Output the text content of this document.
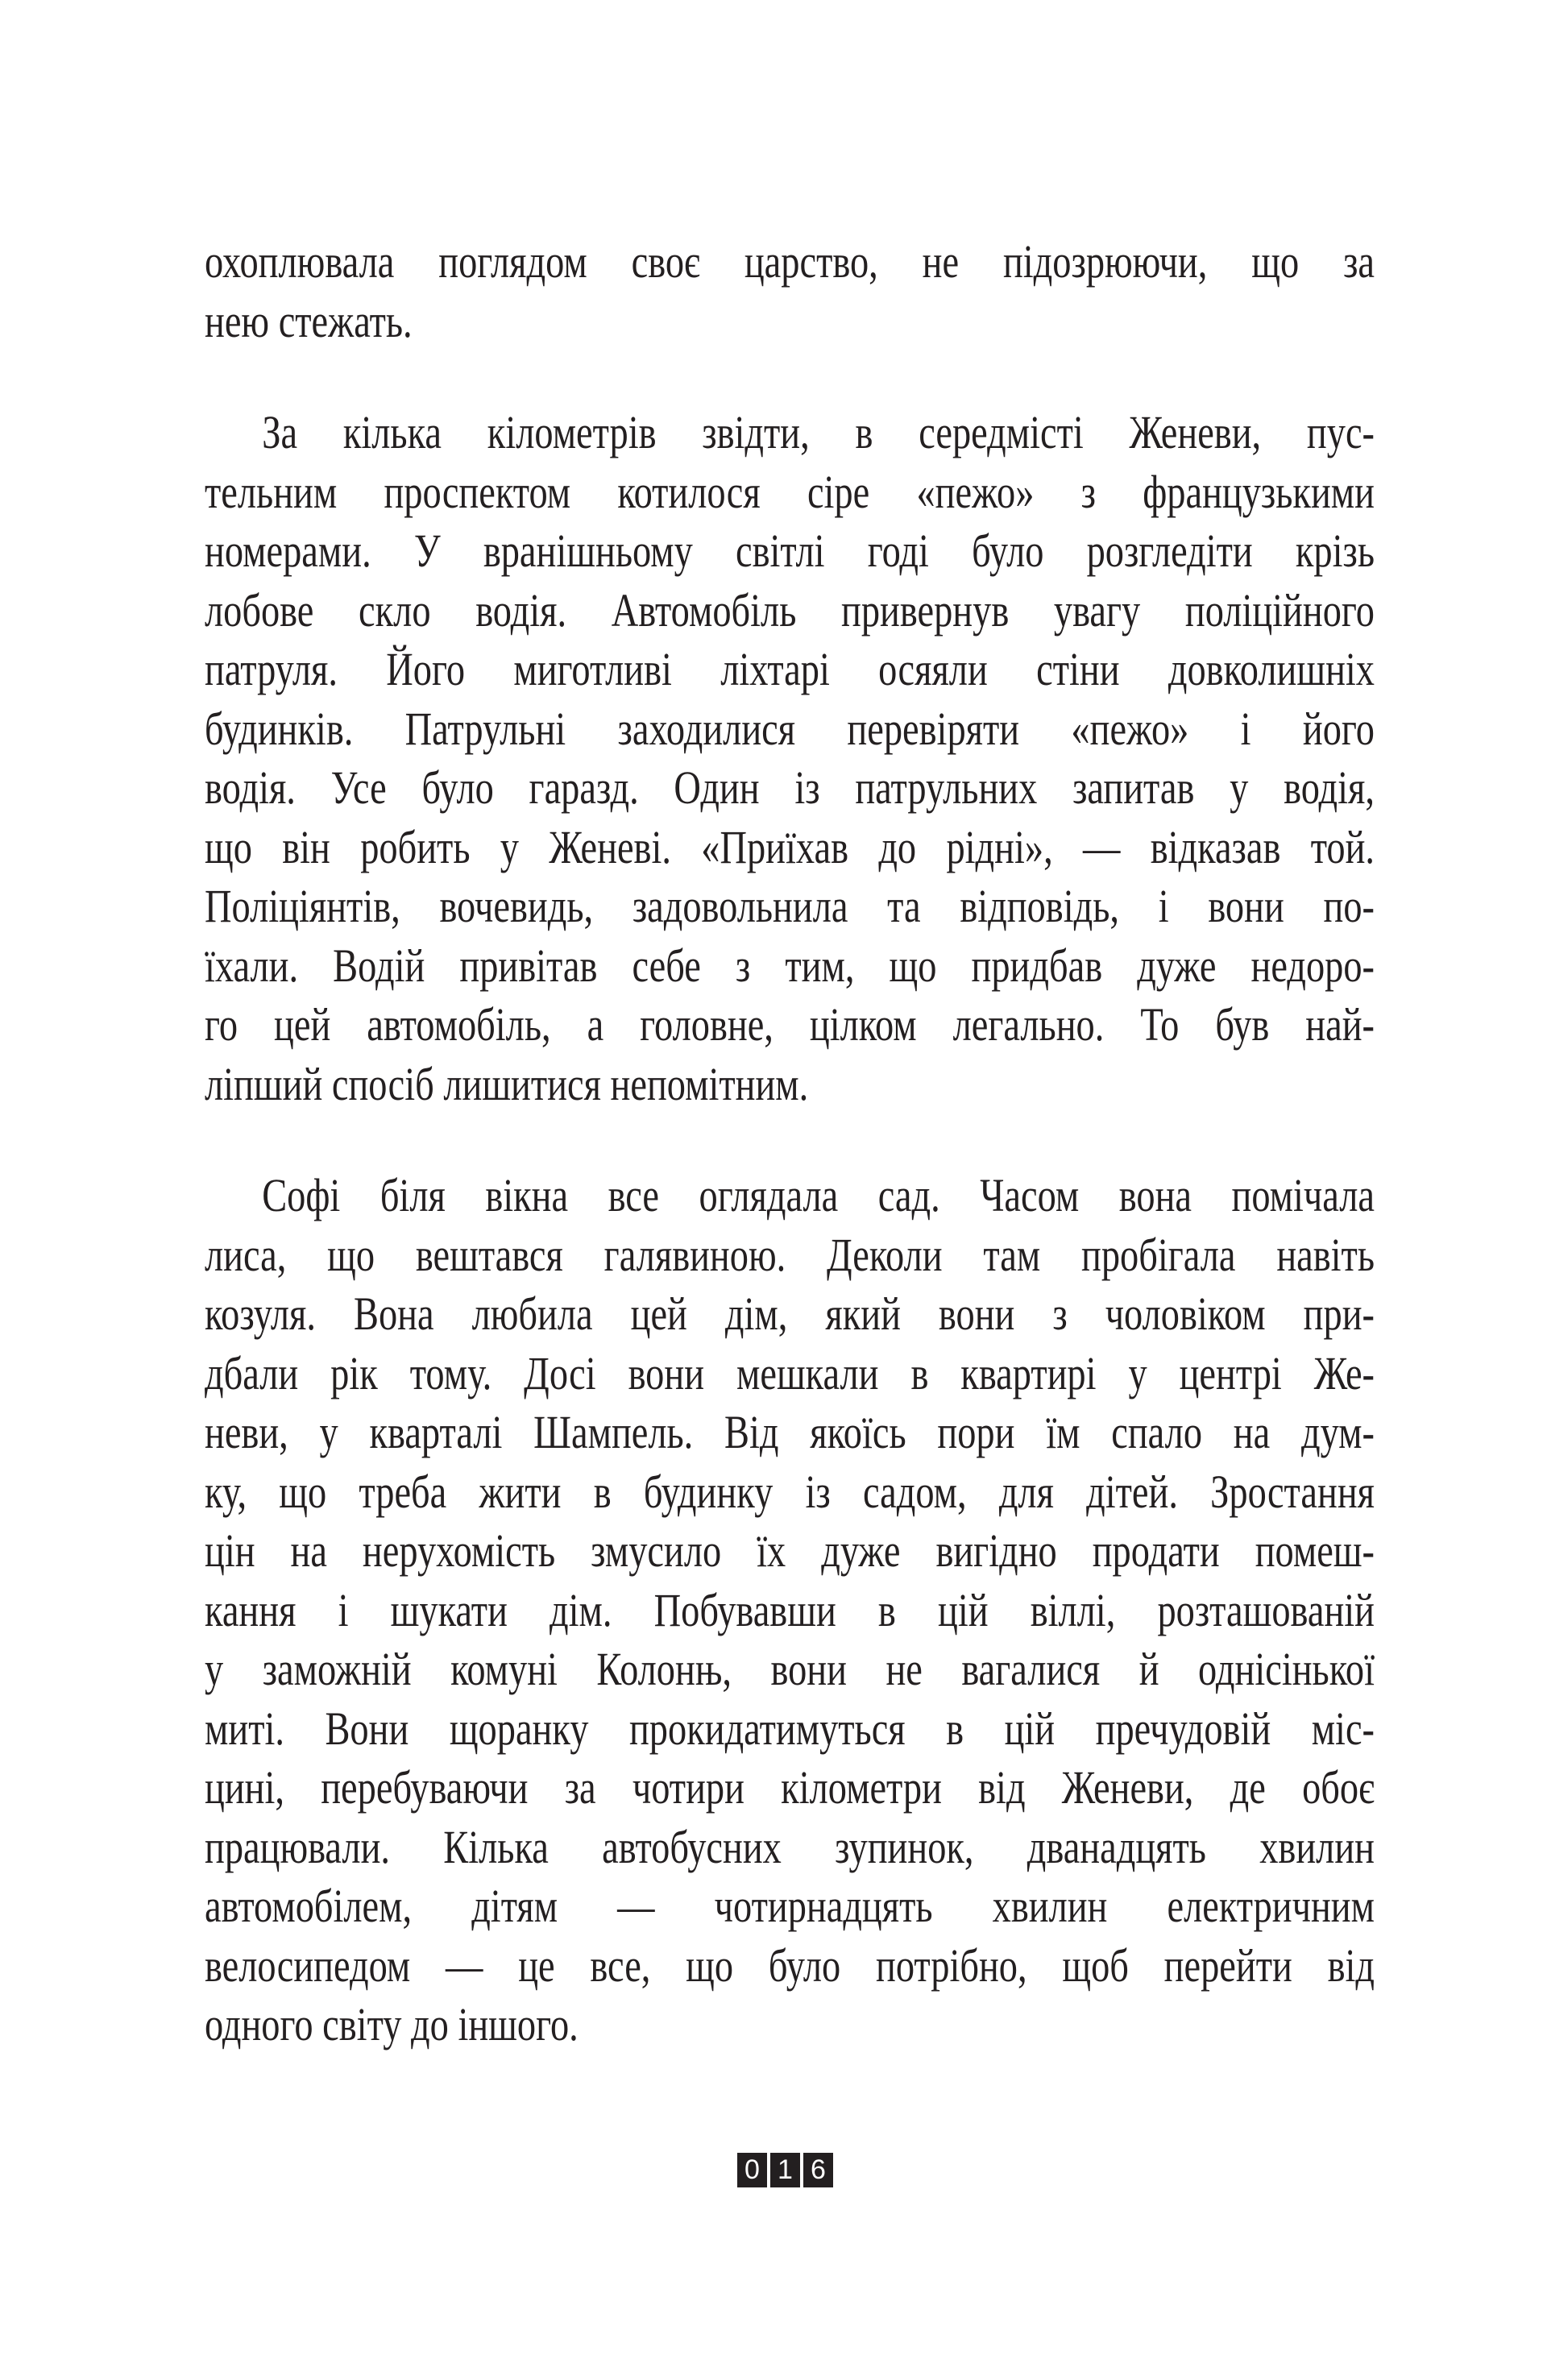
охоплювала поглядом своє царство, не підозрюючи, що за
нею стежать.
За кілька кілометрів звідти, в середмісті Женеви, пус-
тельним проспектом котилося сіре «пежо» з французькими
номерами. У вранішньому світлі годі було розгледіти крізь
лобове скло водія. Автомобіль привернув увагу поліційного
патруля. Його миготливі ліхтарі осяяли стіни довколишніх
будинків. Патрульні заходилися перевіряти «пежо» і його
водія. Усе було гаразд. Один із патрульних запитав у водія,
що він робить у Женеві. «Приїхав до рідні», — відказав той.
Поліціянтів, вочевидь, задовольнила та відповідь, і вони по-
їхали. Водій привітав себе з тим, що придбав дуже недоро-
го цей автомобіль, а головне, цілком легально. То був най-
ліпший спосіб лишитися непомітним.
Софі біля вікна все оглядала сад. Часом вона помічала
лиса, що вештався галявиною. Деколи там пробігала навіть
козуля. Вона любила цей дім, який вони з чоловіком при-
дбали рік тому. Досі вони мешкали в квартирі у центрі Же-
неви, у кварталі Шампель. Від якоїсь пори їм спало на дум-
ку, що треба жити в будинку із садом, для дітей. Зростання
цін на нерухомість змусило їх дуже вигідно продати помеш-
кання і шукати дім. Побувавши в цій віллі, розташованій
у заможній комуні Колонњ, вони не вагалися й однісінької
миті. Вони щоранку прокидатимуться в цій пречудовій міс-
цині, перебуваючи за чотири кілометри від Женеви, де обоє
працювали. Кілька автобусних зупинок, дванадцять хвилин
автомобілем, дітям — чотирнадцять хвилин електричним
велосипедом — це все, що було потрібно, щоб перейти від
одного світу до іншого.
0 1 6
